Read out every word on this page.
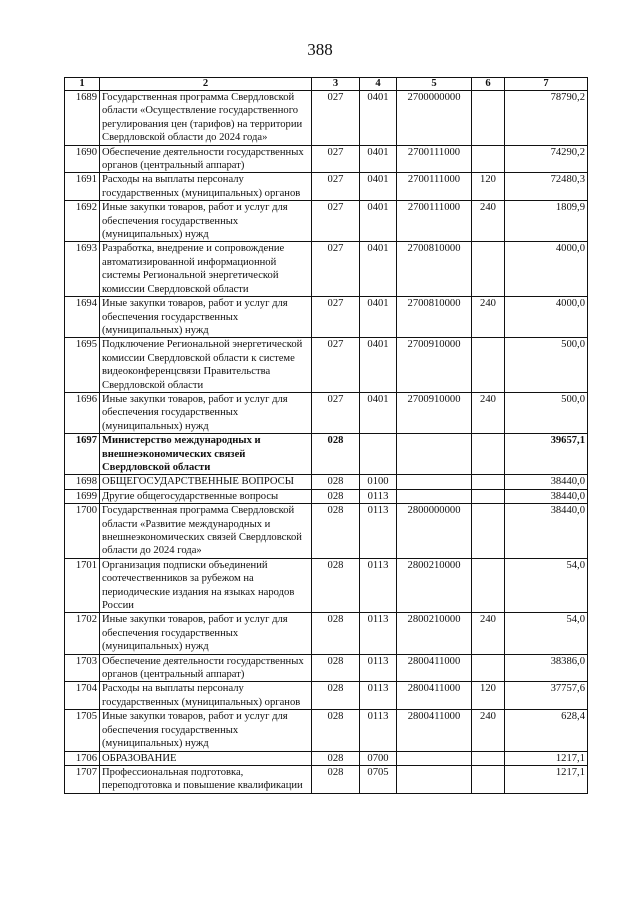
388
1	2	3	4	5	6	7
1689	Государственная программа Свердловской области «Осуществление государственного регулирования цен (тарифов) на территории Свердловской области до 2024 года»	027	0401	2700000000		78790,2
1690	Обеспечение деятельности государственных органов (центральный аппарат)	027	0401	2700111000		74290,2
1691	Расходы на выплаты персоналу государственных (муниципальных) органов	027	0401	2700111000	120	72480,3
1692	Иные закупки товаров, работ и услуг для обеспечения государственных (муниципальных) нужд	027	0401	2700111000	240	1809,9
1693	Разработка, внедрение и сопровождение автоматизированной информационной системы Региональной энергетической комиссии Свердловской области	027	0401	2700810000		4000,0
1694	Иные закупки товаров, работ и услуг для обеспечения государственных (муниципальных) нужд	027	0401	2700810000	240	4000,0
1695	Подключение Региональной энергетической комиссии Свердловской области к системе видеоконференцсвязи Правительства Свердловской области	027	0401	2700910000		500,0
1696	Иные закупки товаров, работ и услуг для обеспечения государственных (муниципальных) нужд	027	0401	2700910000	240	500,0
1697	Министерство международных и внешнеэкономических связей Свердловской области	028				39657,1
1698	ОБЩЕГОСУДАРСТВЕННЫЕ ВОПРОСЫ	028	0100			38440,0
1699	Другие общегосударственные вопросы	028	0113			38440,0
1700	Государственная программа Свердловской области «Развитие международных и внешнеэкономических связей Свердловской области до 2024 года»	028	0113	2800000000		38440,0
1701	Организация подписки объединений соотечественников за рубежом на периодические издания на языках народов России	028	0113	2800210000		54,0
1702	Иные закупки товаров, работ и услуг для обеспечения государственных (муниципальных) нужд	028	0113	2800210000	240	54,0
1703	Обеспечение деятельности государственных органов (центральный аппарат)	028	0113	2800411000		38386,0
1704	Расходы на выплаты персоналу государственных (муниципальных) органов	028	0113	2800411000	120	37757,6
1705	Иные закупки товаров, работ и услуг для обеспечения государственных (муниципальных) нужд	028	0113	2800411000	240	628,4
1706	ОБРАЗОВАНИЕ	028	0700			1217,1
1707	Профессиональная подготовка, переподготовка и повышение квалификации	028	0705			1217,1
